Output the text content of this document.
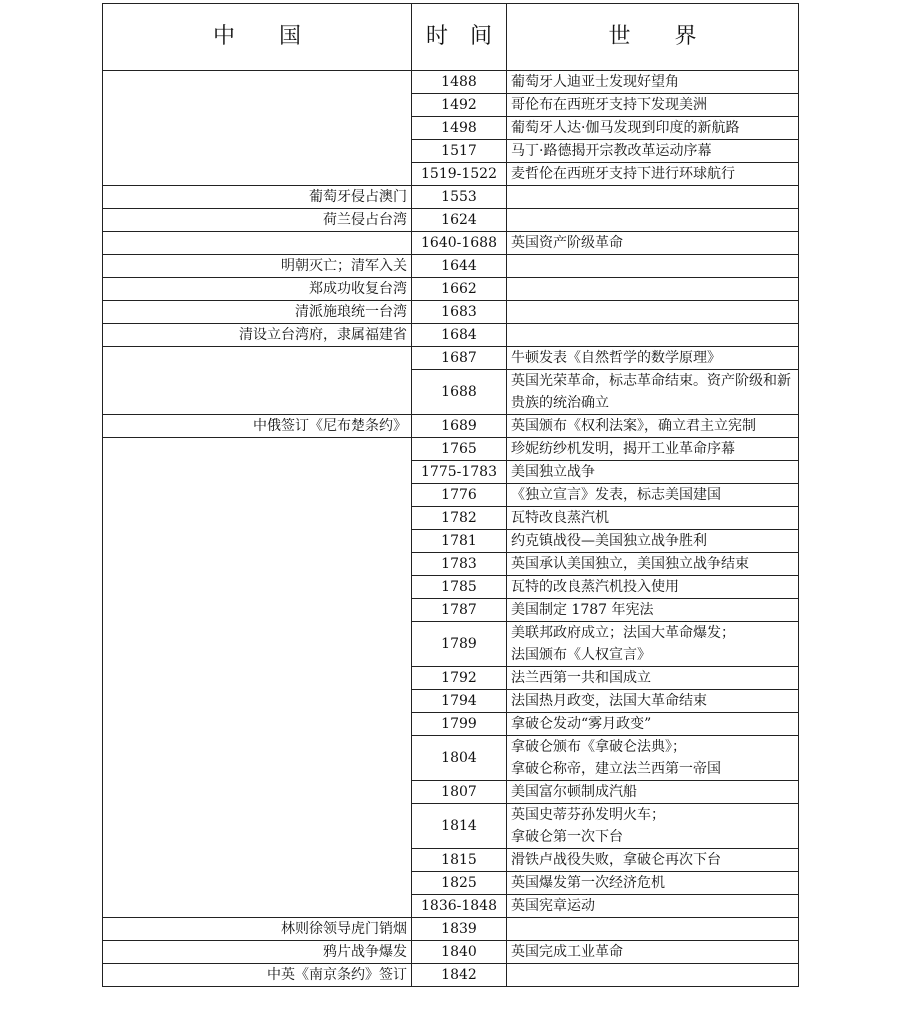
中　　国	时　间	世　　界
	1488	葡萄牙人迪亚士发现好望角
	1492	哥伦布在西班牙支持下发现美洲
	1498	葡萄牙人达·伽马发现到印度的新航路
	1517	马丁·路德揭开宗教改革运动序幕
	1519-1522	麦哲伦在西班牙支持下进行环球航行
葡萄牙侵占澳门	1553	
荷兰侵占台湾	1624	
	1640-1688	英国资产阶级革命
明朝灭亡；清军入关	1644	
郑成功收复台湾	1662	
清派施琅统一台湾	1683	
清设立台湾府，隶属福建省	1684	
	1687	牛顿发表《自然哲学的数学原理》
	1688	英国光荣革命，标志革命结束。资产阶级和新贵族的统治确立
中俄签订《尼布楚条约》	1689	英国颁布《权利法案》，确立君主立宪制
	1765	珍妮纺纱机发明，揭开工业革命序幕
	1775-1783	美国独立战争
	1776	《独立宣言》发表，标志美国建国
	1782	瓦特改良蒸汽机
	1781	约克镇战役—美国独立战争胜利
	1783	英国承认美国独立，美国独立战争结束
	1785	瓦特的改良蒸汽机投入使用
	1787	美国制定 1787 年宪法
	1789	美联邦政府成立；法国大革命爆发；
法国颁布《人权宣言》
	1792	法兰西第一共和国成立
	1794	法国热月政变，法国大革命结束
	1799	拿破仑发动“雾月政变”
	1804	拿破仑颁布《拿破仑法典》；
拿破仑称帝，建立法兰西第一帝国
	1807	美国富尔顿制成汽船
	1814	英国史蒂芬孙发明火车；
拿破仑第一次下台
	1815	滑铁卢战役失败，拿破仑再次下台
	1825	英国爆发第一次经济危机
	1836-1848	英国宪章运动
林则徐领导虎门销烟	1839	
鸦片战争爆发	1840	英国完成工业革命
中英《南京条约》签订	1842	
